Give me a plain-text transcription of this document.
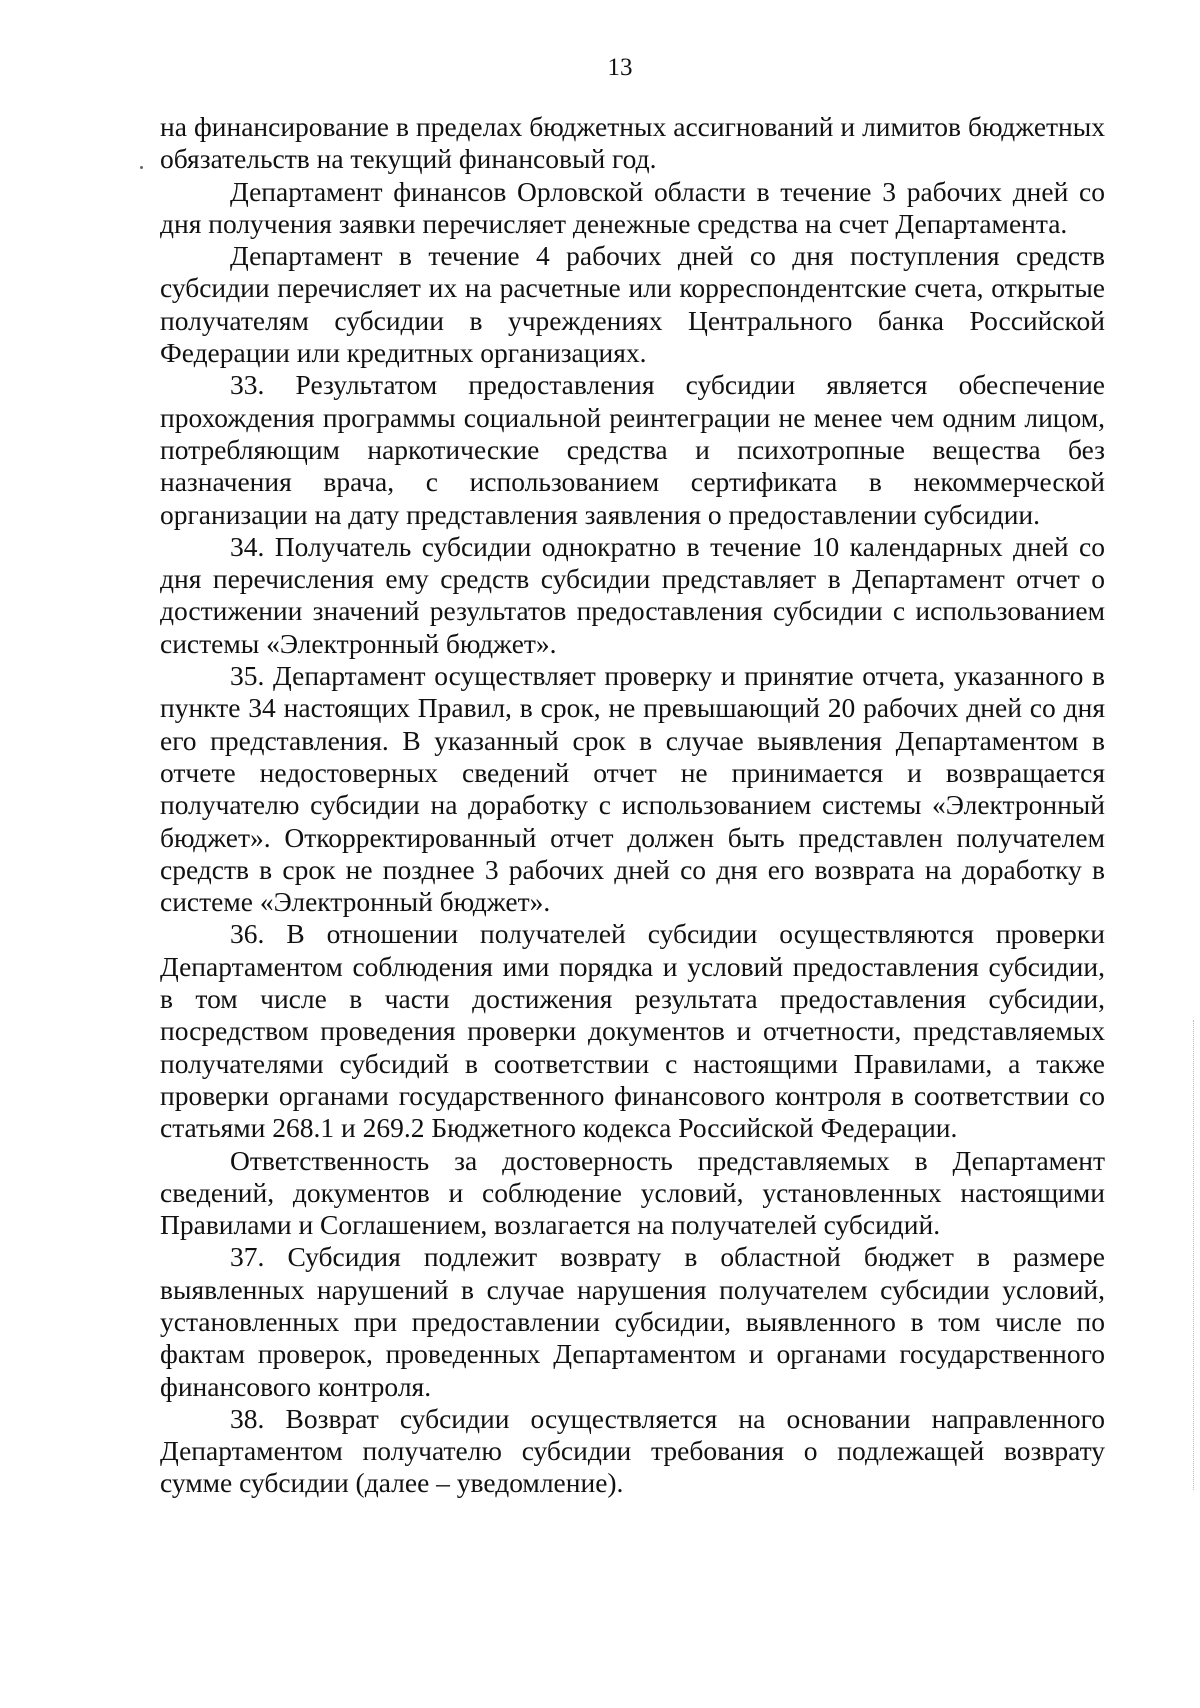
13

на финансирование в пределах бюджетных ассигнований и лимитов бюджетных обязательств на текущий финансовый год.

Департамент финансов Орловской области в течение 3 рабочих дней со дня получения заявки перечисляет денежные средства на счет Департамента.

Департамент в течение 4 рабочих дней со дня поступления средств субсидии перечисляет их на расчетные или корреспондентские счета, открытые получателям субсидии в учреждениях Центрального банка Российской Федерации или кредитных организациях.

33. Результатом предоставления субсидии является обеспечение прохождения программы социальной реинтеграции не менее чем одним лицом, потребляющим наркотические средства и психотропные вещества без назначения врача, с использованием сертификата в некоммерческой организации на дату представления заявления о предоставлении субсидии.

34. Получатель субсидии однократно в течение 10 календарных дней со дня перечисления ему средств субсидии представляет в Департамент отчет о достижении значений результатов предоставления субсидии с использованием системы «Электронный бюджет».

35. Департамент осуществляет проверку и принятие отчета, указанного в пункте 34 настоящих Правил, в срок, не превышающий 20 рабочих дней со дня его представления. В указанный срок в случае выявления Департаментом в отчете недостоверных сведений отчет не принимается и возвращается получателю субсидии на доработку с использованием системы «Электронный бюджет». Откорректированный отчет должен быть представлен получателем средств в срок не позднее 3 рабочих дней со дня его возврата на доработку в системе «Электронный бюджет».

36. В отношении получателей субсидии осуществляются проверки Департаментом соблюдения ими порядка и условий предоставления субсидии, в том числе в части достижения результата предоставления субсидии, посредством проведения проверки документов и отчетности, представляемых получателями субсидий в соответствии с настоящими Правилами, а также проверки органами государственного финансового контроля в соответствии со статьями 268.1 и 269.2 Бюджетного кодекса Российской Федерации.

Ответственность за достоверность представляемых в Департамент сведений, документов и соблюдение условий, установленных настоящими Правилами и Соглашением, возлагается на получателей субсидий.

37. Субсидия подлежит возврату в областной бюджет в размере выявленных нарушений в случае нарушения получателем субсидии условий, установленных при предоставлении субсидии, выявленного в том числе по фактам проверок, проведенных Департаментом и органами государственного финансового контроля.

38. Возврат субсидии осуществляется на основании направленного Департаментом получателю субсидии требования о подлежащей возврату сумме субсидии (далее – уведомление).
